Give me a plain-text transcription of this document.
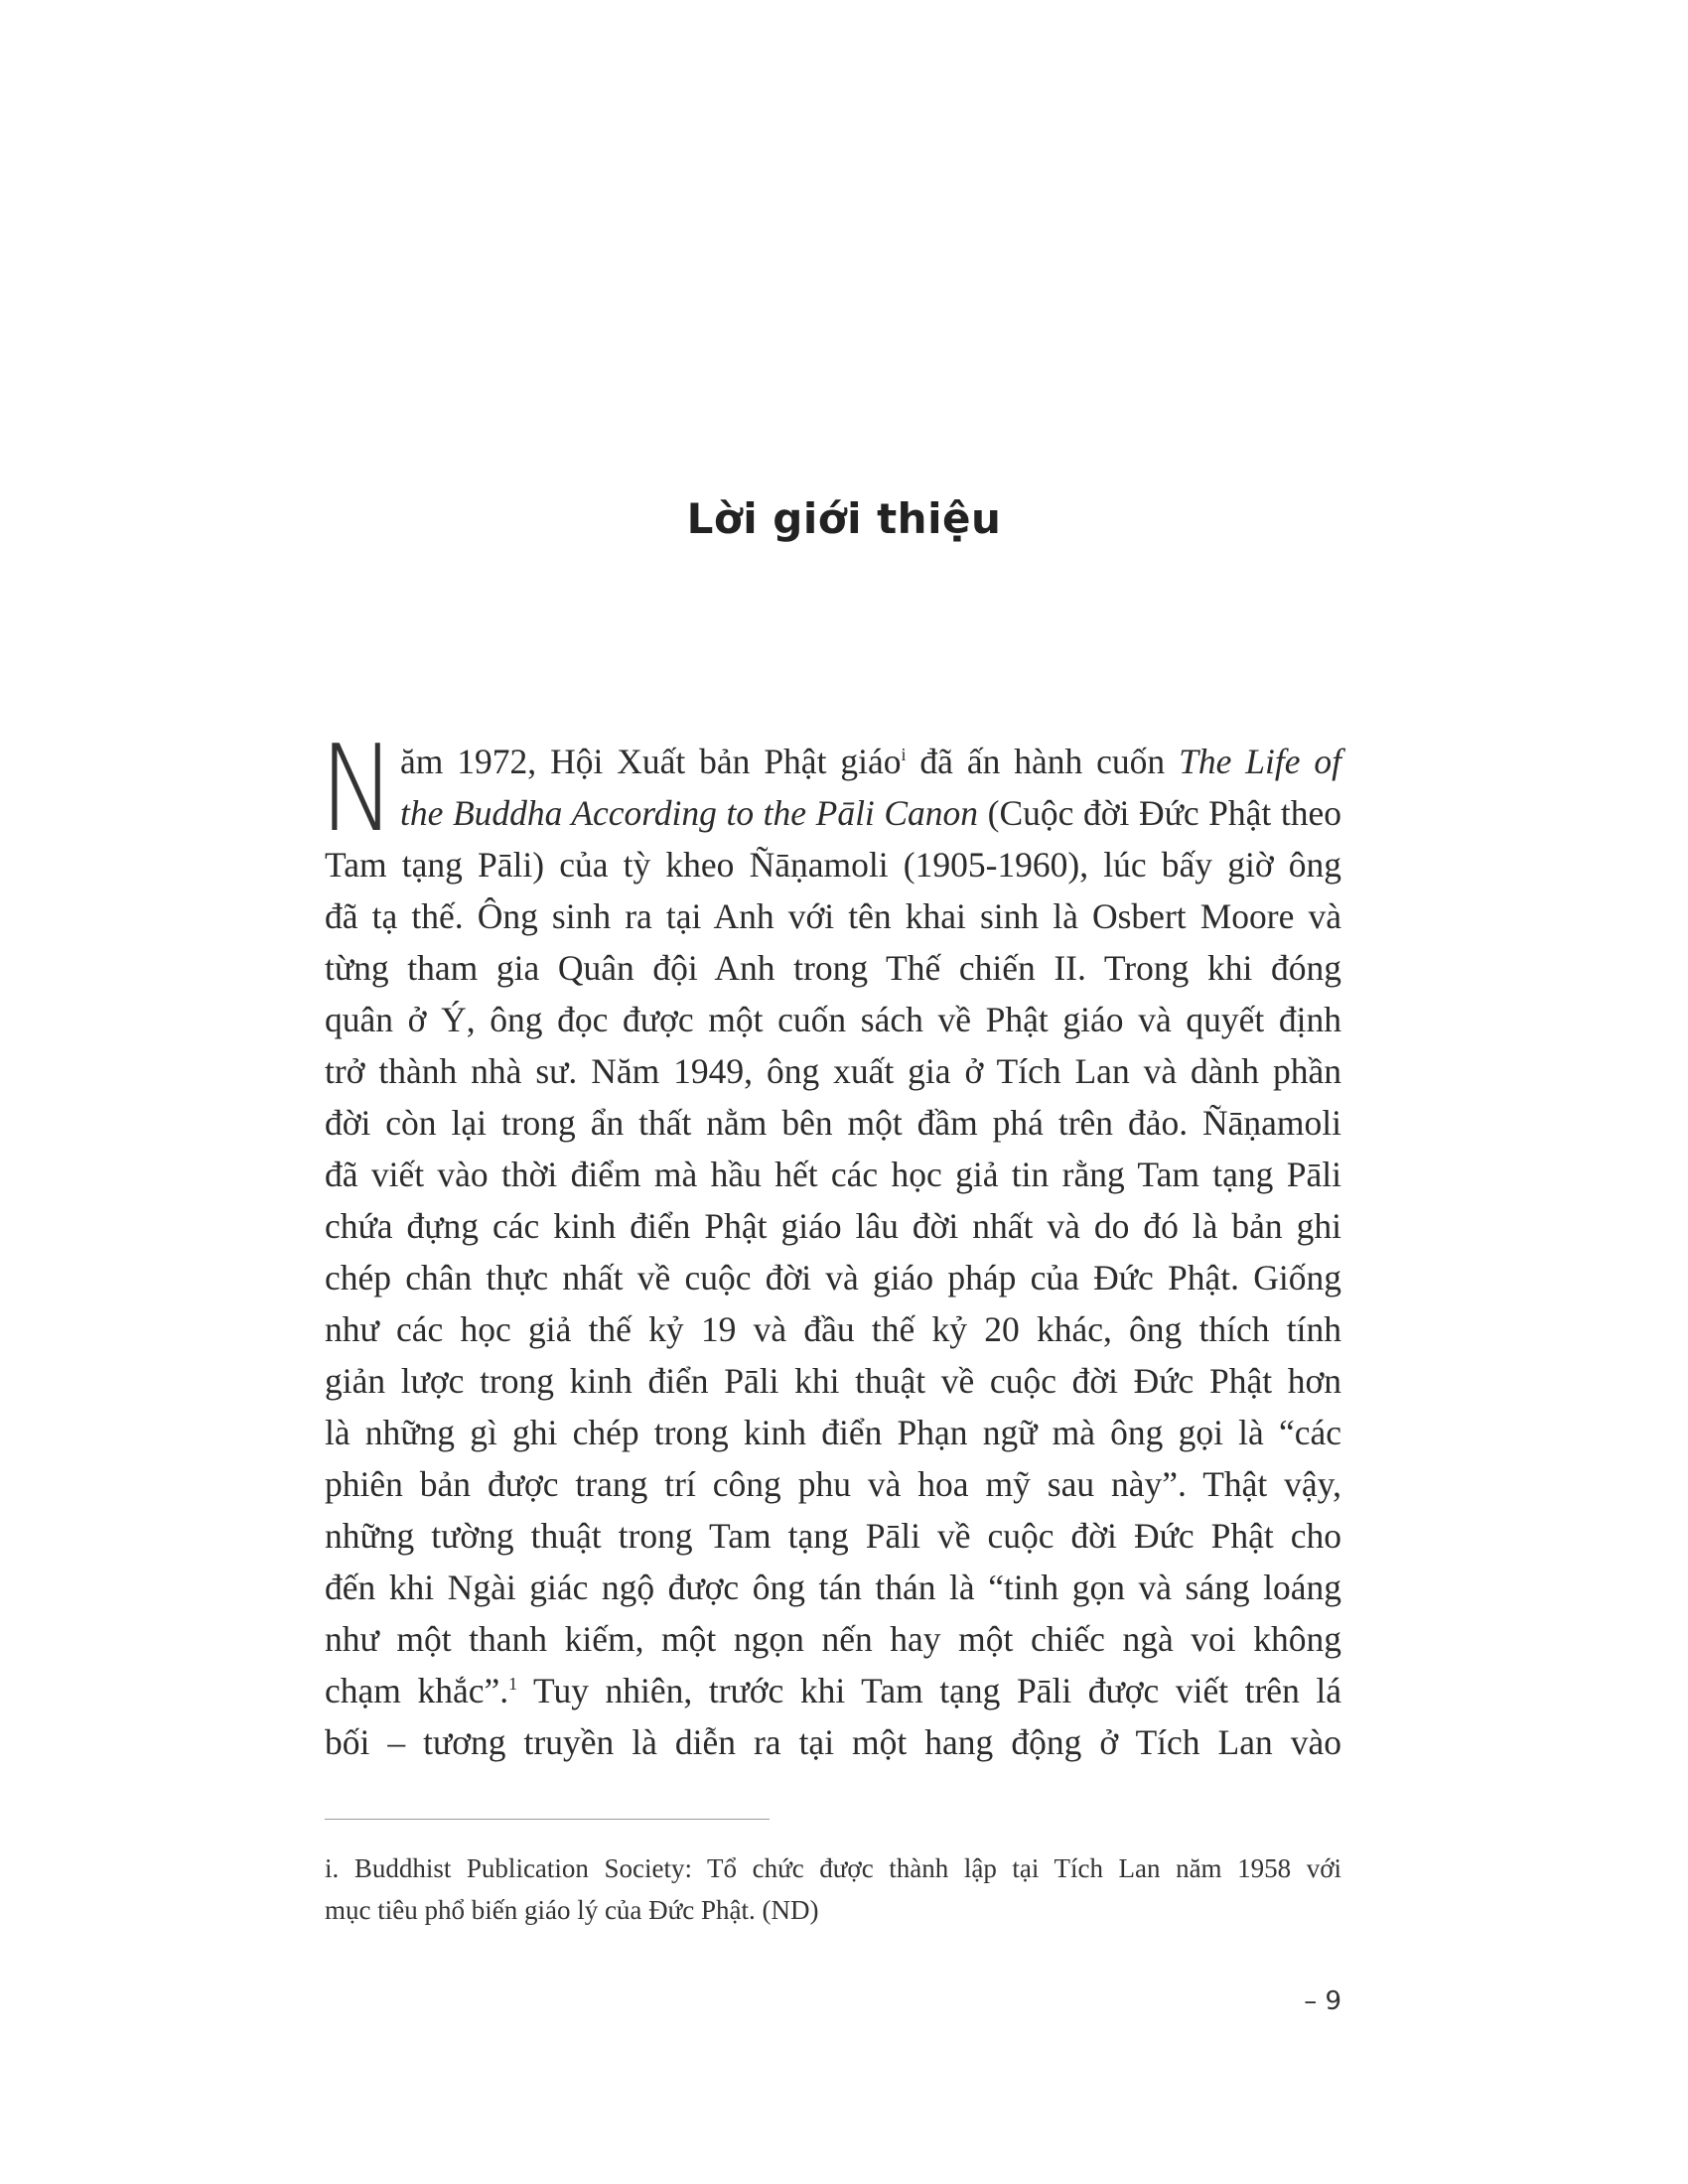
Lời giới thiệu
N ăm 1972, Hội Xuất bản Phật giáo$^i$ đã ấn hành cuốn The Life of
the Buddha According to the Pāli Canon (Cuộc đời Đức Phật theo
Tam tạng Pāli) của tỳ kheo Ñāṇamoli (1905-1960), lúc bấy giờ ông
đã tạ thế. Ông sinh ra tại Anh với tên khai sinh là Osbert Moore và
từng tham gia Quân đội Anh trong Thế chiến II. Trong khi đóng
quân ở Ý, ông đọc được một cuốn sách về Phật giáo và quyết định
trở thành nhà sư. Năm 1949, ông xuất gia ở Tích Lan và dành phần
đời còn lại trong ẩn thất nằm bên một đầm phá trên đảo. Ñāṇamoli
đã viết vào thời điểm mà hầu hết các học giả tin rằng Tam tạng Pāli
chứa đựng các kinh điển Phật giáo lâu đời nhất và do đó là bản ghi
chép chân thực nhất về cuộc đời và giáo pháp của Đức Phật. Giống
như các học giả thế kỷ 19 và đầu thế kỷ 20 khác, ông thích tính
giản lược trong kinh điển Pāli khi thuật về cuộc đời Đức Phật hơn
là những gì ghi chép trong kinh điển Phạn ngữ mà ông gọi là “các
phiên bản được trang trí công phu và hoa mỹ sau này”. Thật vậy,
những tường thuật trong Tam tạng Pāli về cuộc đời Đức Phật cho
đến khi Ngài giác ngộ được ông tán thán là “tinh gọn và sáng loáng
như một thanh kiếm, một ngọn nến hay một chiếc ngà voi không
chạm khắc”.$^1$ Tuy nhiên, trước khi Tam tạng Pāli được viết trên lá
bối – tương truyền là diễn ra tại một hang động ở Tích Lan vào
i. Buddhist Publication Society: Tổ chức được thành lập tại Tích Lan năm 1958 với
mục tiêu phổ biến giáo lý của Đức Phật. (ND)
– 9
